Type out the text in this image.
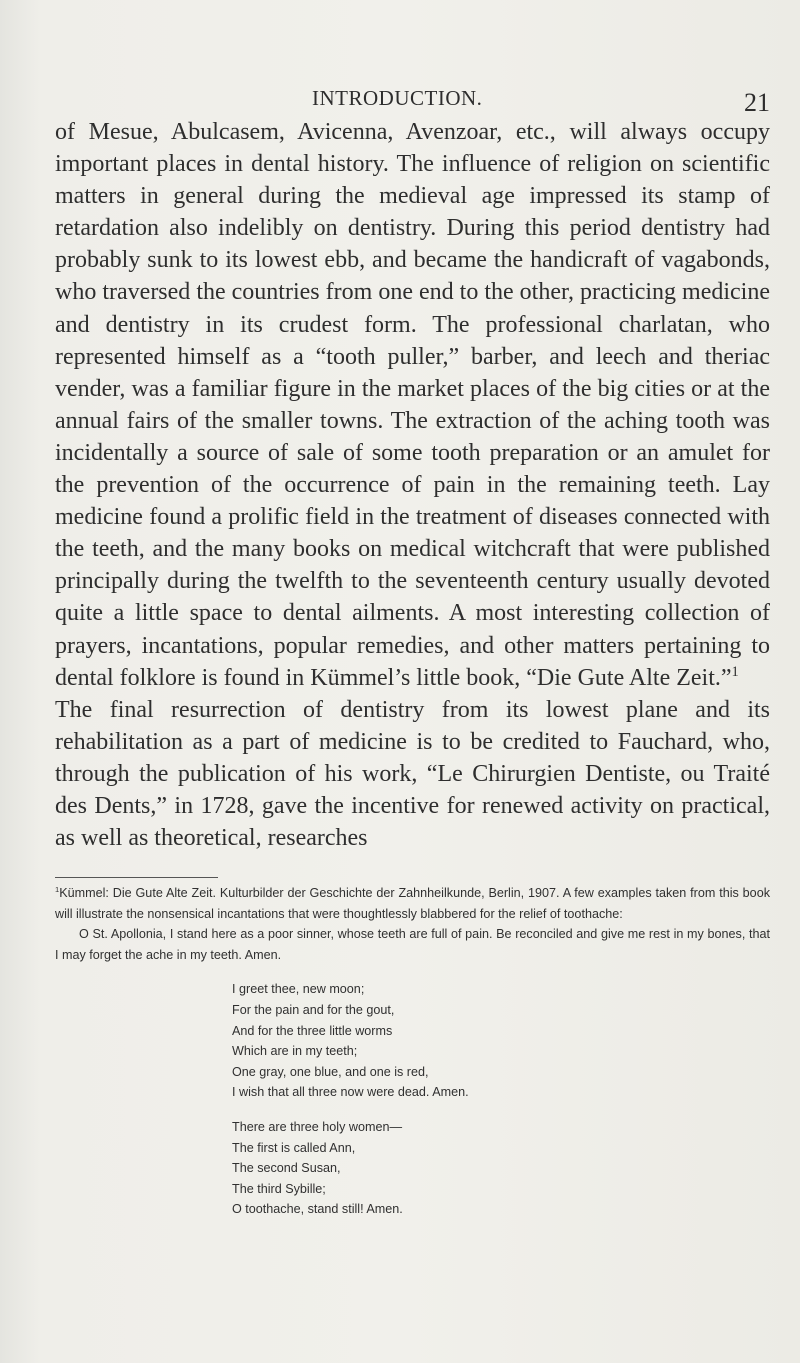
INTRODUCTION.	21

of Mesue, Abulcasem, Avicenna, Avenzoar, etc., will always occupy important places in dental history. The influence of religion on scientific matters in general during the medieval age impressed its stamp of retardation also indelibly on dentistry. During this period dentistry had probably sunk to its lowest ebb, and became the handicraft of vagabonds, who traversed the countries from one end to the other, practicing medicine and dentistry in its crudest form. The professional charlatan, who represented himself as a “tooth puller,” barber, and leech and theriac vender, was a familiar figure in the market places of the big cities or at the annual fairs of the smaller towns. The extraction of the aching tooth was incidentally a source of sale of some tooth preparation or an amulet for the prevention of the occurrence of pain in the remaining teeth. Lay medicine found a prolific field in the treatment of diseases connected with the teeth, and the many books on medical witchcraft that were published principally during the twelfth to the seventeenth century usually devoted quite a little space to dental ailments. A most interesting collection of prayers, incantations, popular remedies, and other matters pertaining to dental folklore is found in Kümmel’s little book, “Die Gute Alte Zeit.”$^1$

The final resurrection of dentistry from its lowest plane and its rehabilitation as a part of medicine is to be credited to Fauchard, who, through the publication of his work, “Le Chirurgien Dentiste, ou Traité des Dents,” in 1728, gave the incentive for renewed activity on practical, as well as theoretical, researches

$^1$Kümmel: Die Gute Alte Zeit. Kulturbilder der Geschichte der Zahnheilkunde, Berlin, 1907. A few examples taken from this book will illustrate the nonsensical incantations that were thoughtlessly blabbered for the relief of toothache:

O St. Apollonia, I stand here as a poor sinner, whose teeth are full of pain. Be reconciled and give me rest in my bones, that I may forget the ache in my teeth. Amen.

I greet thee, new moon;
For the pain and for the gout,
And for the three little worms
Which are in my teeth;
One gray, one blue, and one is red,
I wish that all three now were dead. Amen.
There are three holy women—
The first is called Ann,
The second Susan,
The third Sybille;
O toothache, stand still! Amen.
